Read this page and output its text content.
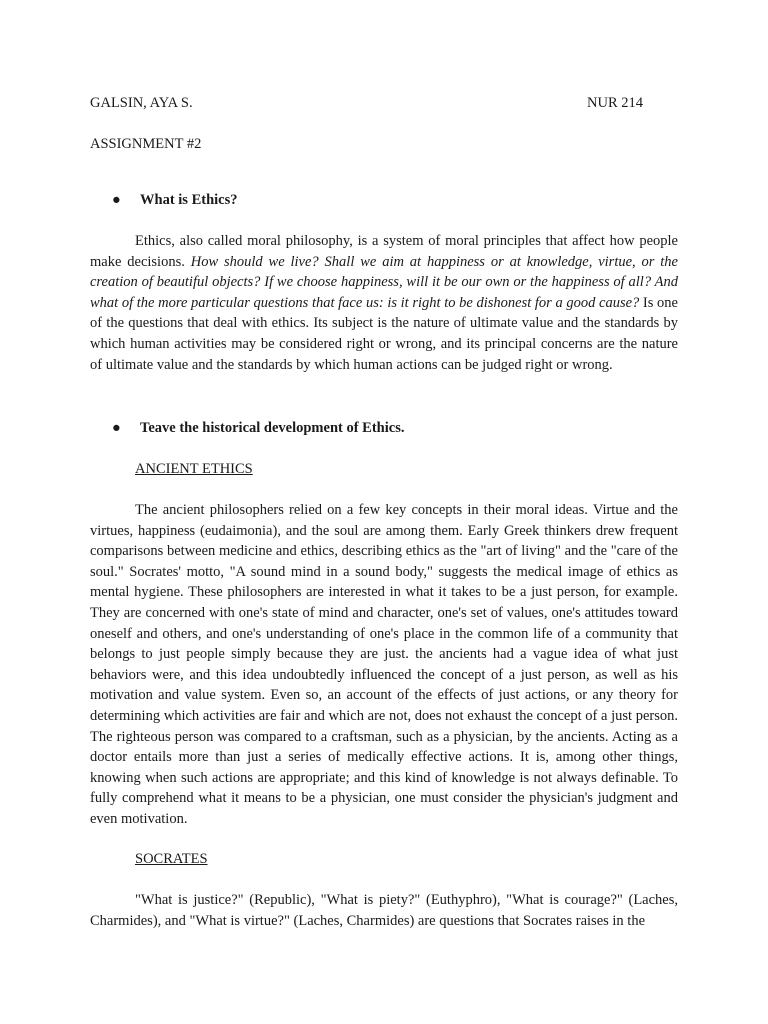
GALSIN, AYA S.	NUR 214
ASSIGNMENT #2
● What is Ethics?

Ethics, also called moral philosophy, is a system of moral principles that affect how people make decisions. How should we live? Shall we aim at happiness or at knowledge, virtue, or the creation of beautiful objects? If we choose happiness, will it be our own or the happiness of all? And what of the more particular questions that face us: is it right to be dishonest for a good cause? Is one of the questions that deal with ethics. Its subject is the nature of ultimate value and the standards by which human activities may be considered right or wrong, and its principal concerns are the nature of ultimate value and the standards by which human actions can be judged right or wrong.

● Teave the historical development of Ethics.
ANCIENT ETHICS

The ancient philosophers relied on a few key concepts in their moral ideas. Virtue and the virtues, happiness (eudaimonia), and the soul are among them. Early Greek thinkers drew frequent comparisons between medicine and ethics, describing ethics as the "art of living" and the "care of the soul." Socrates' motto, "A sound mind in a sound body," suggests the medical image of ethics as mental hygiene. These philosophers are interested in what it takes to be a just person, for example. They are concerned with one's state of mind and character, one's set of values, one's attitudes toward oneself and others, and one's understanding of one's place in the common life of a community that belongs to just people simply because they are just. the ancients had a vague idea of what just behaviors were, and this idea undoubtedly influenced the concept of a just person, as well as his motivation and value system. Even so, an account of the effects of just actions, or any theory for determining which activities are fair and which are not, does not exhaust the concept of a just person. The righteous person was compared to a craftsman, such as a physician, by the ancients. Acting as a doctor entails more than just a series of medically effective actions. It is, among other things, knowing when such actions are appropriate; and this kind of knowledge is not always definable. To fully comprehend what it means to be a physician, one must consider the physician's judgment and even motivation.

SOCRATES

"What is justice?" (Republic), "What is piety?" (Euthyphro), "What is courage?" (Laches, Charmides), and "What is virtue?" (Laches, Charmides) are questions that Socrates raises in the
